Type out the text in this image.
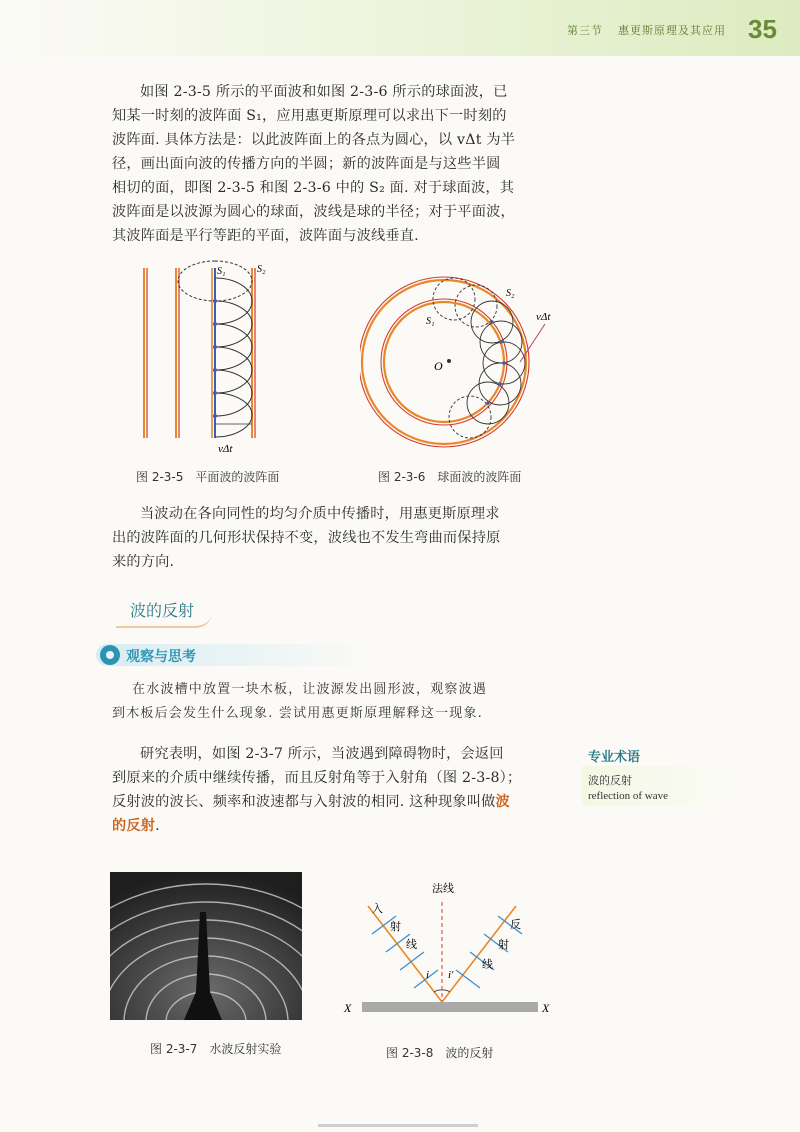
第三节 惠更斯原理及其应用 35

如图 2-3-5 所示的平面波和如图 2-3-6 所示的球面波，已

知某一时刻的波阵面 S₁，应用惠更斯原理可以求出下一时刻的

波阵面. 具体方法是：以此波阵面上的各点为圆心，以 vΔt 为半

径，画出面向波的传播方向的半圆；新的波阵面是与这些半圆

相切的面，即图 2-3-5 和图 2-3-6 中的 S₂ 面. 对于球面波，其

波阵面是以波源为圆心的球面，波线是球的半径；对于平面波，

其波阵面是平行等距的平面，波阵面与波线垂直.

S₁	S₂
vΔt
图 2-3-5　平面波的波阵面
O
S₁
S₂
vΔt
图 2-3-6　球面波的波阵面

当波动在各向同性的均匀介质中传播时，用惠更斯原理求

出的波阵面的几何形状保持不变，波线也不发生弯曲而保持原

来的方向.

波的反射
观察与思考

在水波槽中放置一块木板，让波源发出圆形波，观察波遇

到木板后会发生什么现象. 尝试用惠更斯原理解释这一现象.

研究表明，如图 2-3-7 所示，当波遇到障碍物时，会返回

到原来的介质中继续传播，而且反射角等于入射角（图 2-3-8）；

反射波的波长、频率和波速都与入射波的相同. 这种现象叫做波

的反射.

专业术语
波的反射
reflection of wave
图 2-3-7　水波反射实验
法线
入
射
线
反
射
线
i i′
X	X
图 2-3-8　波的反射
